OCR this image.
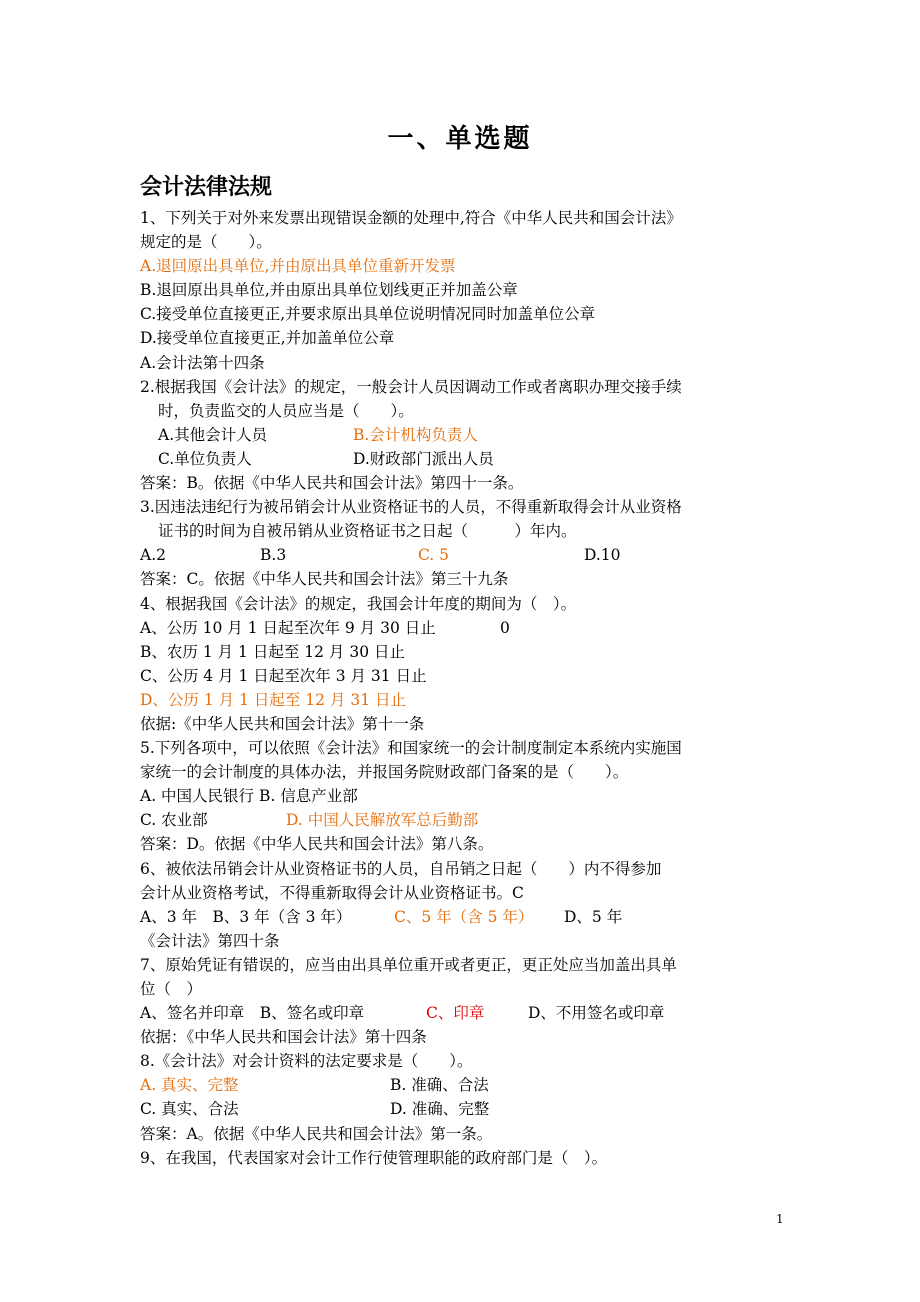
一、单选题
会计法律法规
1、下列关于对外来发票出现错误金额的处理中,符合《中华人民共和国会计法》
规定的是（　　）。
A.退回原出具单位,并由原出具单位重新开发票
B.退回原出具单位,并由原出具单位划线更正并加盖公章
C.接受单位直接更正,并要求原出具单位说明情况同时加盖单位公章
D.接受单位直接更正,并加盖单位公章
A.会计法第十四条
2.根据我国《会计法》的规定，一般会计人员因调动工作或者离职办理交接手续
时，负责监交的人员应当是（　　）。
A.其他会计人员	B.会计机构负责人
C.单位负责人	D.财政部门派出人员
答案：B。依据《中华人民共和国会计法》第四十一条。
3.因违法违纪行为被吊销会计从业资格证书的人员，不得重新取得会计从业资格
证书的时间为自被吊销从业资格证书之日起（　　　）年内。
A.2	B.3	C. 5	D.10
答案：C。依据《中华人民共和国会计法》第三十九条
4、根据我国《会计法》的规定，我国会计年度的期间为（　）。
A、公历 10 月 1 日起至次年 9 月 30 日止	0
B、农历 1 月 1 日起至 12 月 30 日止
C、公历 4 月 1 日起至次年 3 月 31 日止
D、公历 1 月 1 日起至 12 月 31 日止
依据:《中华人民共和国会计法》第十一条
5.下列各项中，可以依照《会计法》和国家统一的会计制度制定本系统内实施国
家统一的会计制度的具体办法，并报国务院财政部门备案的是（　　）。
A. 中国人民银行 B. 信息产业部
C. 农业部	D. 中国人民解放军总后勤部
答案：D。依据《中华人民共和国会计法》第八条。
6、被依法吊销会计从业资格证书的人员，自吊销之日起（　　）内不得参加
会计从业资格考试，不得重新取得会计从业资格证书。C
A、3 年　B、3 年（含 3 年）	C、5 年（含 5 年） D、5 年
《会计法》第四十条
7、原始凭证有错误的，应当由出具单位重开或者更正，更正处应当加盖出具单
位（　）
A、签名并印章　B、签名或印章	C、印章	D、不用签名或印章
依据：《中华人民共和国会计法》第十四条
8.《会计法》对会计资料的法定要求是（　　）。
A. 真实、完整	B. 准确、合法
C. 真实、合法	D. 准确、完整
答案：A。依据《中华人民共和国会计法》第一条。
9、在我国，代表国家对会计工作行使管理职能的政府部门是（　）。
1
